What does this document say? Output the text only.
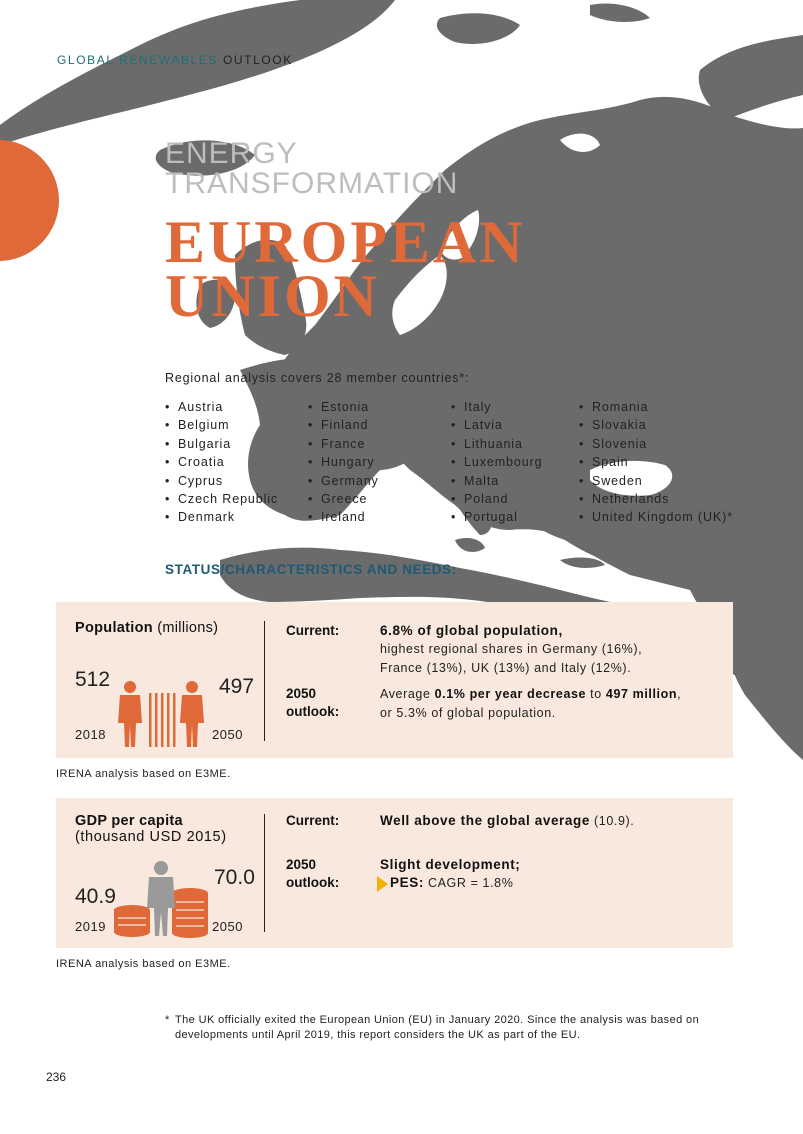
GLOBAL RENEWABLES OUTLOOK
ENERGY
TRANSFORMATION
EUROPEAN
UNION
Regional analysis covers 28 member countries*:
• Austria
• Belgium
• Bulgaria
• Croatia
• Cyprus
• Czech Republic
• Denmark
• Estonia
• Finland
• France
• Hungary
• Germany
• Greece
• Ireland
• Italy
• Latvia
• Lithuania
• Luxembourg
• Malta
• Poland
• Portugal
• Romania
• Slovakia
• Slovenia
• Spain
• Sweden
• Netherlands
• United Kingdom (UK)*
STATUS/CHARACTERISTICS AND NEEDS:
Population (millions)
512	497
2018	2050
Current:	6.8% of global population,
highest regional shares in Germany (16%),
France (13%), UK (13%) and Italy (12%).
2050
outlook:
Average 0.1% per year decrease to 497 million,
or 5.3% of global population.
IRENA analysis based on E3ME.
GDP per capita
(thousand USD 2015)
40.9
70.0
2019	2050
Current:	Well above the global average (10.9).
2050
outlook:
Slight development;
PES: CAGR = 1.8%
IRENA analysis based on E3ME.
* The UK officially exited the European Union (EU) in January 2020. Since the analysis was based on developments until April 2019, this report considers the UK as part of the EU.
236
